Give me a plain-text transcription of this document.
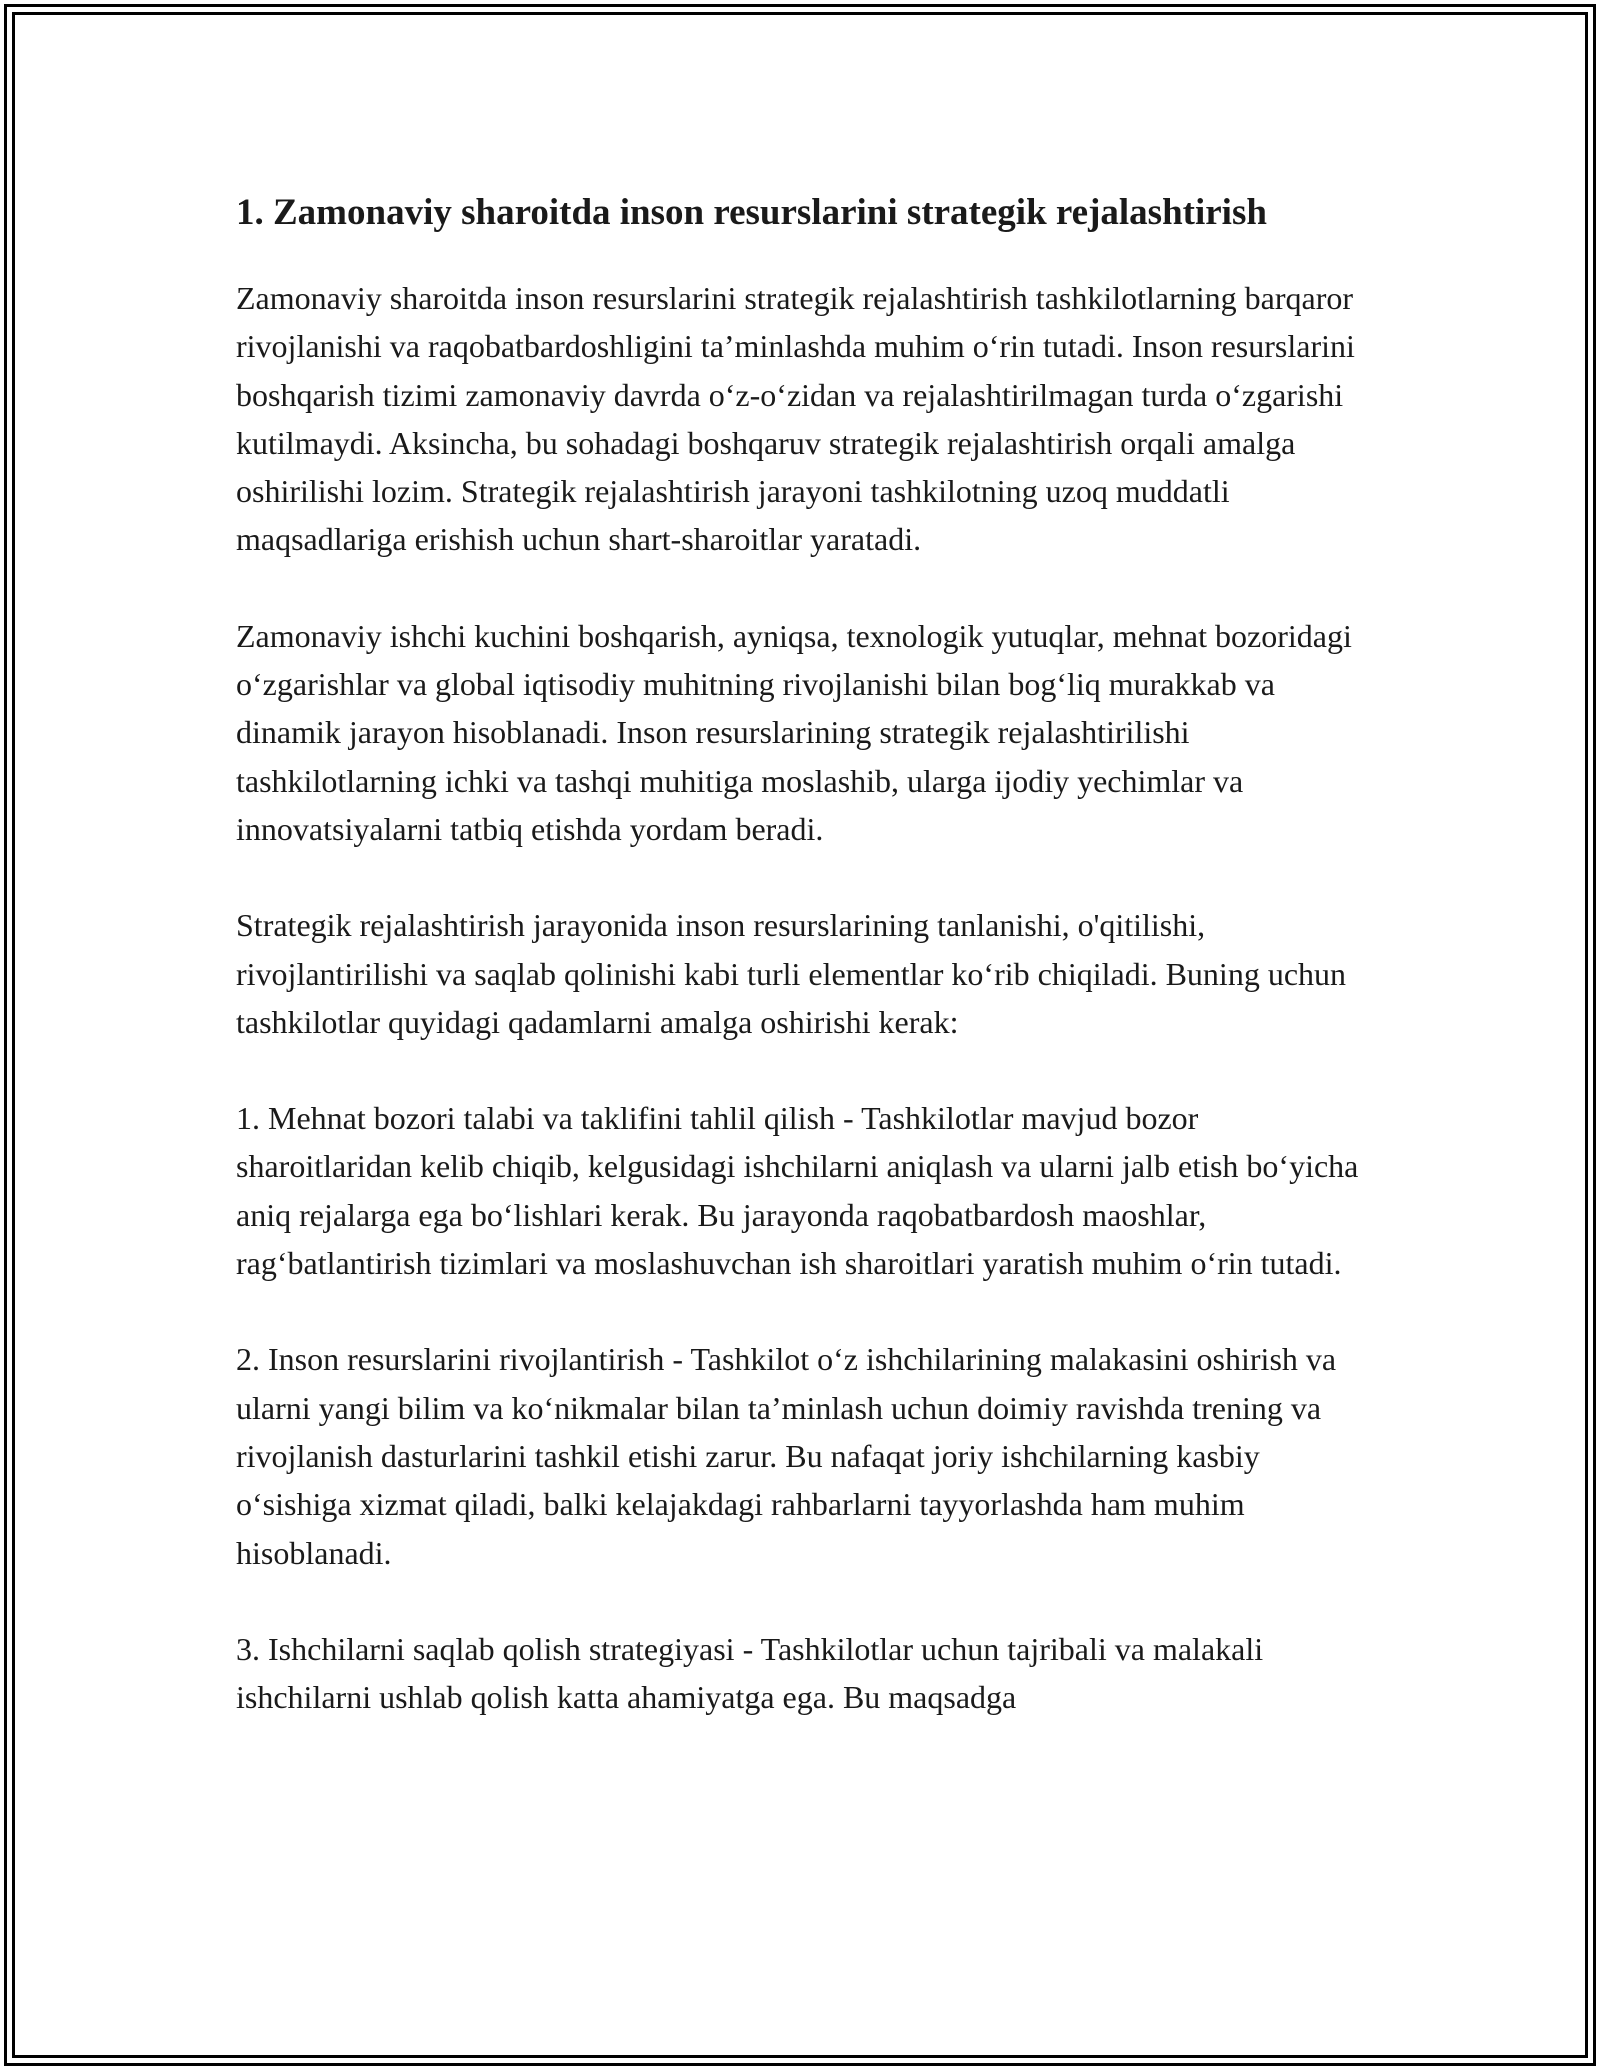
1. Zamonaviy sharoitda inson resurslarini strategik rejalashtirish

Zamonaviy sharoitda inson resurslarini strategik rejalashtirish tashkilotlarning barqaror rivojlanishi va raqobatbardoshligini ta’minlashda muhim o‘rin tutadi. Inson resurslarini boshqarish tizimi zamonaviy davrda o‘z-o‘zidan va rejalashtirilmagan turda o‘zgarishi kutilmaydi. Aksincha, bu sohadagi boshqaruv strategik rejalashtirish orqali amalga oshirilishi lozim. Strategik rejalashtirish jarayoni tashkilotning uzoq muddatli maqsadlariga erishish uchun shart-sharoitlar yaratadi.

Zamonaviy ishchi kuchini boshqarish, ayniqsa, texnologik yutuqlar, mehnat bozoridagi o‘zgarishlar va global iqtisodiy muhitning rivojlanishi bilan bog‘liq murakkab va dinamik jarayon hisoblanadi. Inson resurslarining strategik rejalashtirilishi tashkilotlarning ichki va tashqi muhitiga moslashib, ularga ijodiy yechimlar va innovatsiyalarni tatbiq etishda yordam beradi.

Strategik rejalashtirish jarayonida inson resurslarining tanlanishi, o'qitilishi, rivojlantirilishi va saqlab qolinishi kabi turli elementlar ko‘rib chiqiladi. Buning uchun tashkilotlar quyidagi qadamlarni amalga oshirishi kerak:

1. Mehnat bozori talabi va taklifini tahlil qilish - Tashkilotlar mavjud bozor sharoitlaridan kelib chiqib, kelgusidagi ishchilarni aniqlash va ularni jalb etish bo‘yicha aniq rejalarga ega bo‘lishlari kerak. Bu jarayonda raqobatbardosh maoshlar, rag‘batlantirish tizimlari va moslashuvchan ish sharoitlari yaratish muhim o‘rin tutadi.

2. Inson resurslarini rivojlantirish - Tashkilot o‘z ishchilarining malakasini oshirish va ularni yangi bilim va ko‘nikmalar bilan ta’minlash uchun doimiy ravishda trening va rivojlanish dasturlarini tashkil etishi zarur. Bu nafaqat joriy ishchilarning kasbiy o‘sishiga xizmat qiladi, balki kelajakdagi rahbarlarni tayyorlashda ham muhim hisoblanadi.

3. Ishchilarni saqlab qolish strategiyasi - Tashkilotlar uchun tajribali va malakali ishchilarni ushlab qolish katta ahamiyatga ega. Bu maqsadga
